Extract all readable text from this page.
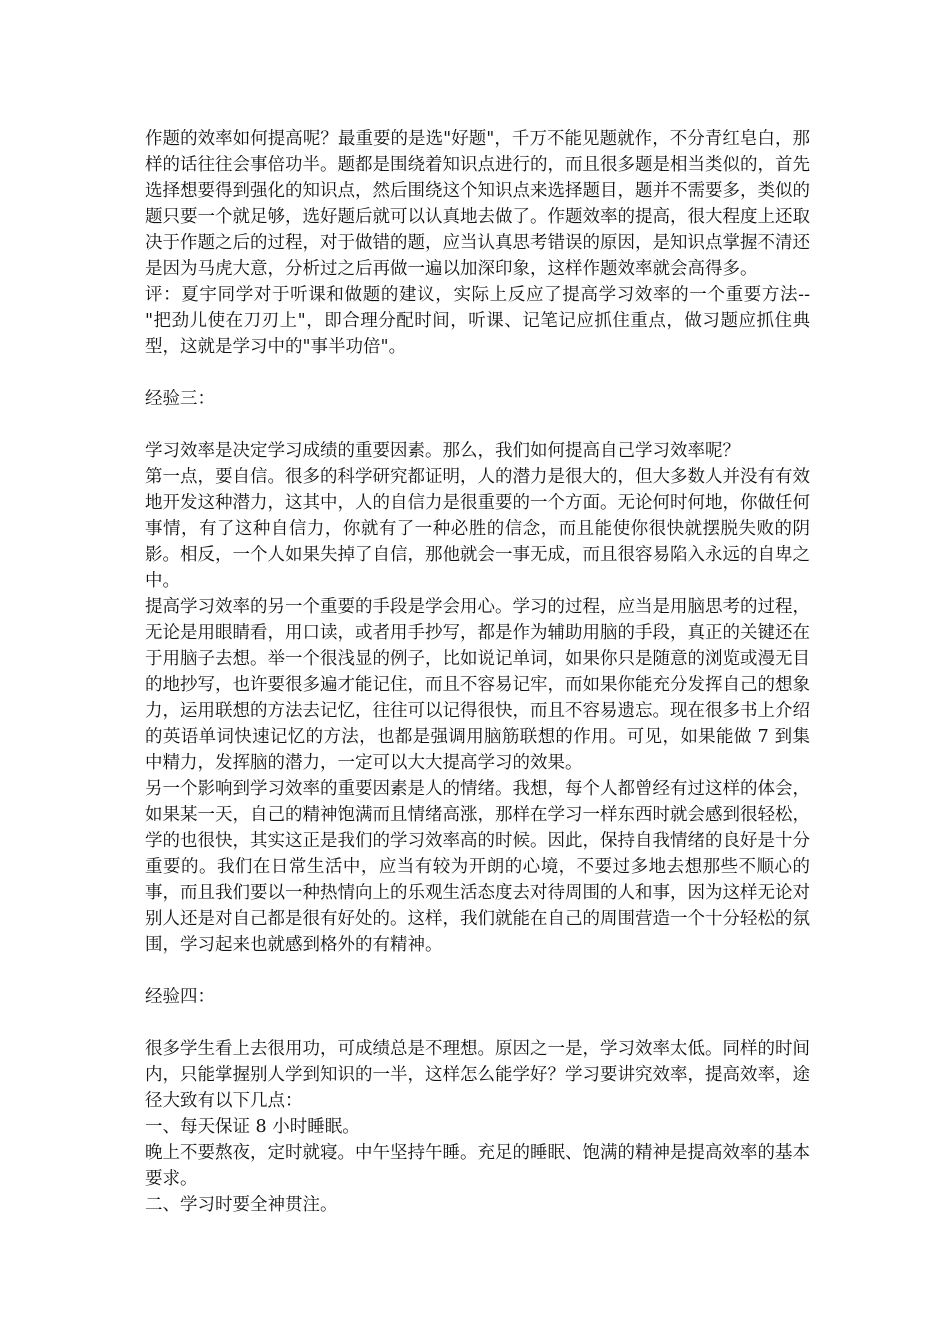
作题的效率如何提高呢？最重要的是选"好题"，千万不能见题就作，不分青红皂白，那样的话往往会事倍功半。题都是围绕着知识点进行的，而且很多题是相当类似的，首先选择想要得到强化的知识点，然后围绕这个知识点来选择题目，题并不需要多，类似的题只要一个就足够，选好题后就可以认真地去做了。作题效率的提高，很大程度上还取决于作题之后的过程，对于做错的题，应当认真思考错误的原因，是知识点掌握不清还是因为马虎大意，分析过之后再做一遍以加深印象，这样作题效率就会高得多。

评：夏宇同学对于听课和做题的建议，实际上反应了提高学习效率的一个重要方法--"把劲儿使在刀刃上"，即合理分配时间，听课、记笔记应抓住重点，做习题应抓住典型，这就是学习中的"事半功倍"。

经验三：

学习效率是决定学习成绩的重要因素。那么，我们如何提高自己学习效率呢？

第一点，要自信。很多的科学研究都证明，人的潜力是很大的，但大多数人并没有有效地开发这种潜力，这其中，人的自信力是很重要的一个方面。无论何时何地，你做任何事情，有了这种自信力，你就有了一种必胜的信念，而且能使你很快就摆脱失败的阴影。相反，一个人如果失掉了自信，那他就会一事无成，而且很容易陷入永远的自卑之中。

提高学习效率的另一个重要的手段是学会用心。学习的过程，应当是用脑思考的过程，无论是用眼睛看，用口读，或者用手抄写，都是作为辅助用脑的手段，真正的关键还在于用脑子去想。举一个很浅显的例子，比如说记单词，如果你只是随意的浏览或漫无目的地抄写，也许要很多遍才能记住，而且不容易记牢，而如果你能充分发挥自己的想象力，运用联想的方法去记忆，往往可以记得很快，而且不容易遗忘。现在很多书上介绍的英语单词快速记忆的方法，也都是强调用脑筋联想的作用。可见，如果能做 7 到集中精力，发挥脑的潜力，一定可以大大提高学习的效果。

另一个影响到学习效率的重要因素是人的情绪。我想，每个人都曾经有过这样的体会，如果某一天，自己的精神饱满而且情绪高涨，那样在学习一样东西时就会感到很轻松，学的也很快，其实这正是我们的学习效率高的时候。因此，保持自我情绪的良好是十分重要的。我们在日常生活中，应当有较为开朗的心境，不要过多地去想那些不顺心的事，而且我们要以一种热情向上的乐观生活态度去对待周围的人和事，因为这样无论对别人还是对自己都是很有好处的。这样，我们就能在自己的周围营造一个十分轻松的氛围，学习起来也就感到格外的有精神。

经验四：

很多学生看上去很用功，可成绩总是不理想。原因之一是，学习效率太低。同样的时间内，只能掌握别人学到知识的一半，这样怎么能学好？学习要讲究效率，提高效率，途径大致有以下几点：

一、每天保证 8 小时睡眠。

晚上不要熬夜，定时就寝。中午坚持午睡。充足的睡眠、饱满的精神是提高效率的基本要求。

二、学习时要全神贯注。
